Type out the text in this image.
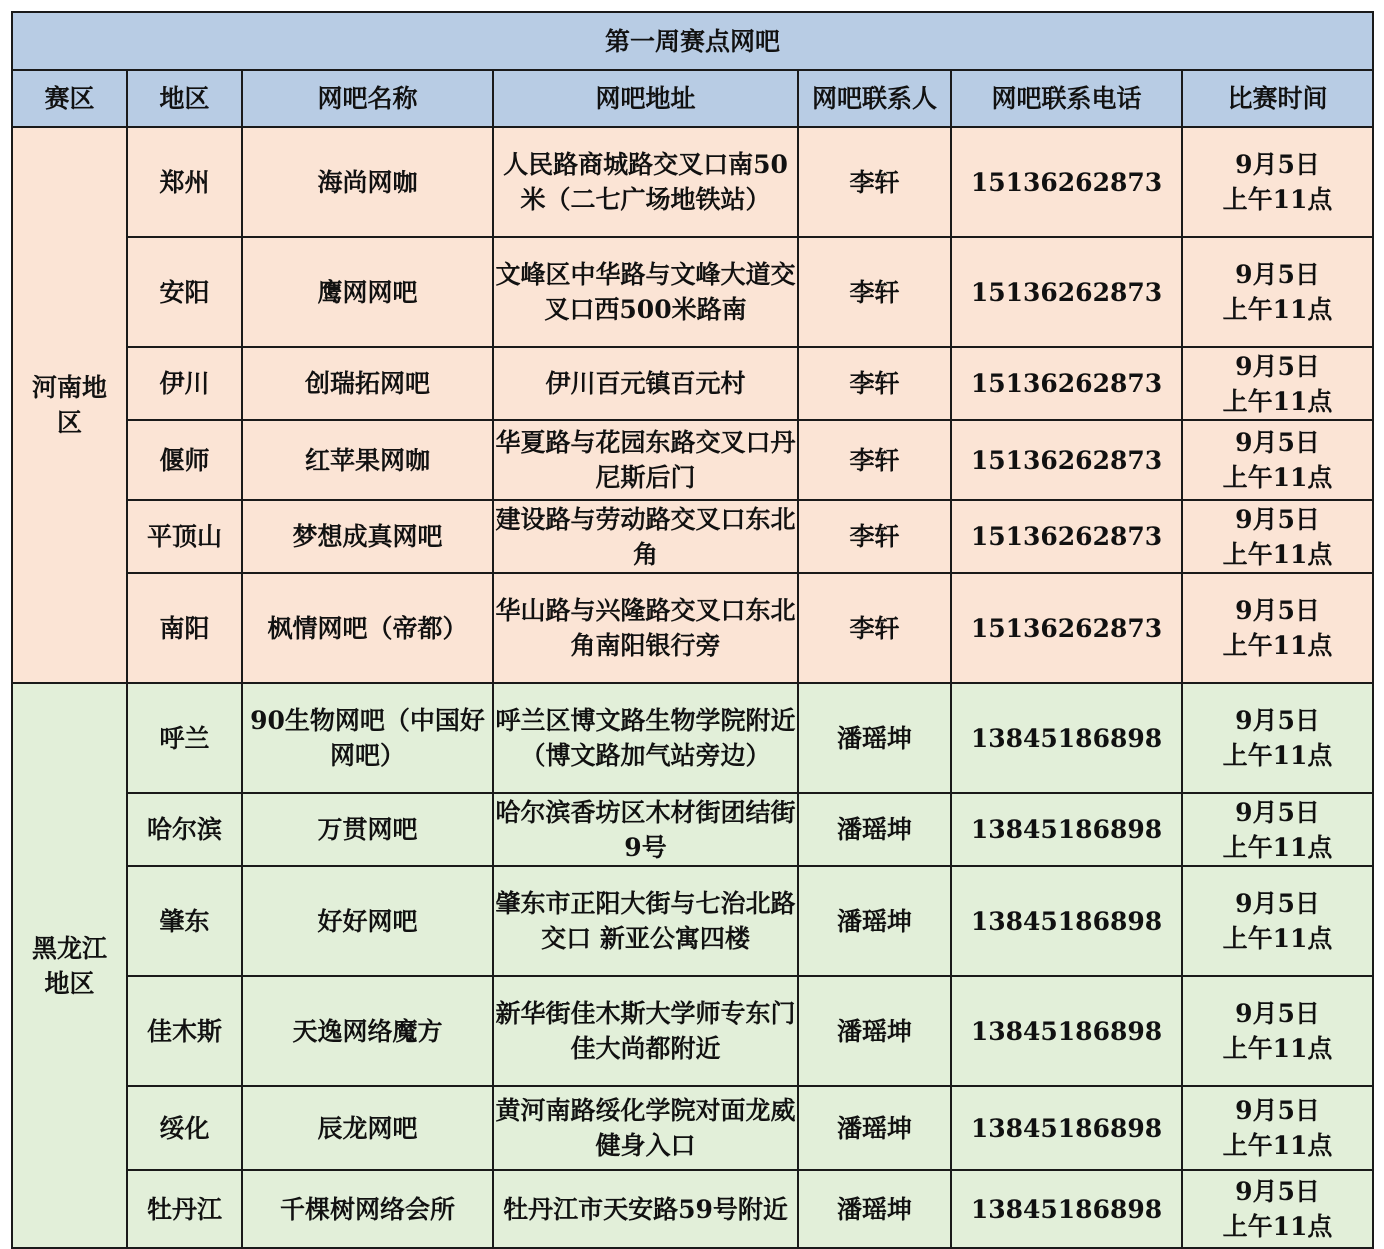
第一周赛点网吧						
赛区	地区	网吧名称	网吧地址	网吧联系人	网吧联系电话	比赛时间
河南地区	郑州	海尚网咖	人民路商城路交叉口南50米（二七广场地铁站）	李轩	15136262873	9月5日
上午11点

	安阳	鹰网网吧	文峰区中华路与文峰大道交叉口西500米路南	李轩	15136262873	9月5日
上午11点

	伊川	创瑞拓网吧	伊川百元镇百元村	李轩	15136262873	9月5日
上午11点

	偃师	红苹果网咖	华夏路与花园东路交叉口丹尼斯后门	李轩	15136262873	9月5日
上午11点

	平顶山	梦想成真网吧	建设路与劳动路交叉口东北角	李轩	15136262873	9月5日
上午11点

	南阳	枫情网吧（帝都）	华山路与兴隆路交叉口东北角南阳银行旁	李轩	15136262873	9月5日
上午11点

黑龙江地区	呼兰	90生物网吧（中国好网吧）	呼兰区博文路生物学院附近（博文路加气站旁边）	潘瑶坤	13845186898	9月5日
上午11点

	哈尔滨	万贯网吧	哈尔滨香坊区木材街团结街9号	潘瑶坤	13845186898	9月5日
上午11点

	肇东	好好网吧	肇东市正阳大街与七治北路交口 新亚公寓四楼	潘瑶坤	13845186898	9月5日
上午11点

	佳木斯	天逸网络魔方	新华街佳木斯大学师专东门佳大尚都附近	潘瑶坤	13845186898	9月5日
上午11点

	绥化	辰龙网吧	黄河南路绥化学院对面龙威健身入口	潘瑶坤	13845186898	9月5日
上午11点

	牡丹江	千棵树网络会所	牡丹江市天安路59号附近	潘瑶坤	13845186898	9月5日
上午11点
